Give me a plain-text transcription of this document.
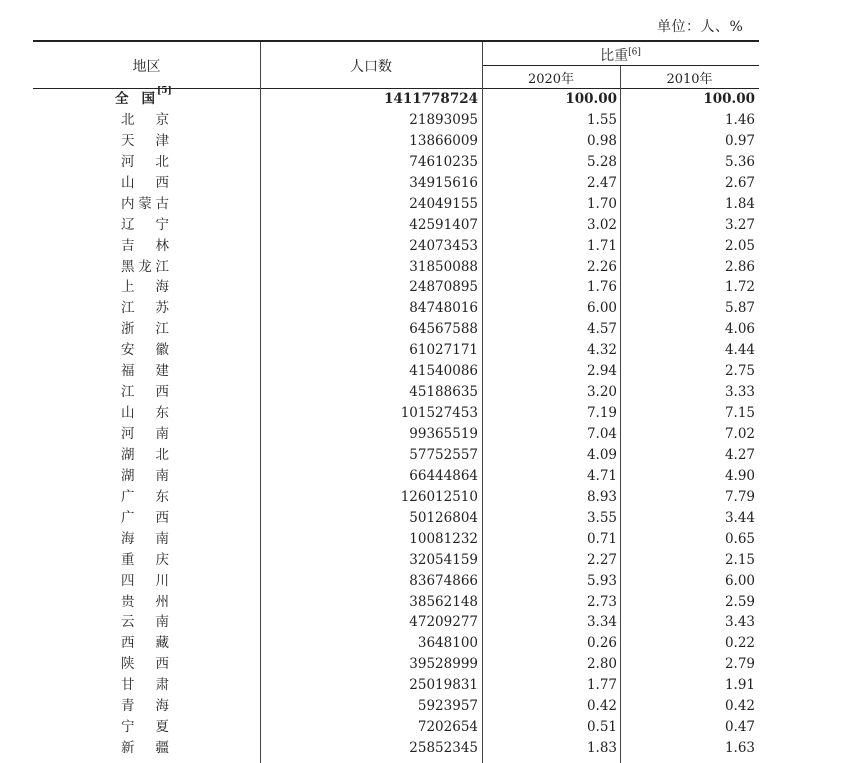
单位：人、%
地区	人口数
比重[6]
2020年	2010年
全国 [5]	1411778724	100.00	100.00
北京	21893095	1.55	1.46
天津	13866009	0.98	0.97
河北	74610235	5.28	5.36
山西	34915616	2.47	2.67
内蒙古	24049155	1.70	1.84
辽宁	42591407	3.02	3.27
吉林	24073453	1.71	2.05
黑龙江	31850088	2.26	2.86
上海	24870895	1.76	1.72
江苏	84748016	6.00	5.87
浙江	64567588	4.57	4.06
安徽	61027171	4.32	4.44
福建	41540086	2.94	2.75
江西	45188635	3.20	3.33
山东	101527453	7.19	7.15
河南	99365519	7.04	7.02
湖北	57752557	4.09	4.27
湖南	66444864	4.71	4.90
广东	126012510	8.93	7.79
广西	50126804	3.55	3.44
海南	10081232	0.71	0.65
重庆	32054159	2.27	2.15
四川	83674866	5.93	6.00
贵州	38562148	2.73	2.59
云南	47209277	3.34	3.43
西藏	3648100	0.26	0.22
陕西	39528999	2.80	2.79
甘肃	25019831	1.77	1.91
青海	5923957	0.42	0.42
宁夏	7202654	0.51	0.47
新疆	25852345	1.83	1.63
